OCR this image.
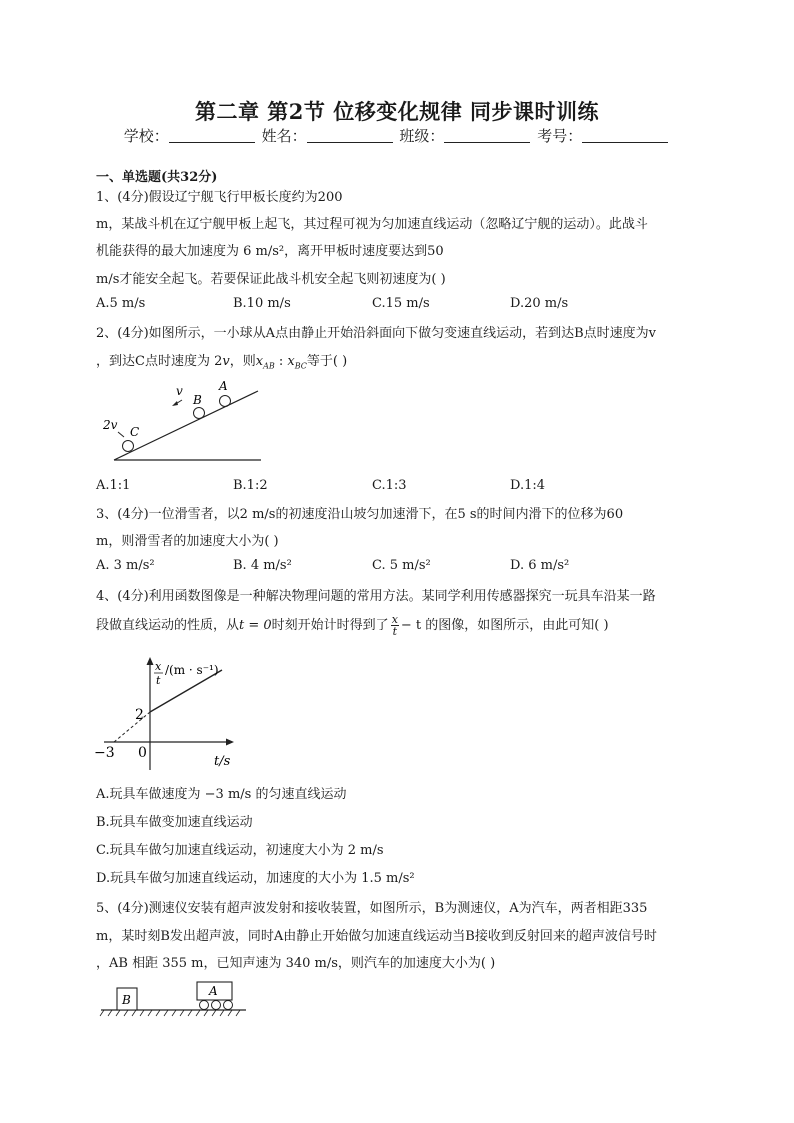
第二章 第2节 位移变化规律 同步课时训练
学校：	姓名：	班级：	考号：
一、单选题(共32分)
1、(4分)假设辽宁舰飞行甲板长度约为200
m，某战斗机在辽宁舰甲板上起飞，其过程可视为匀加速直线运动（忽略辽宁舰的运动）。此战斗
机能获得的最大加速度为 6 m/s²，离开甲板时速度要达到50
m/s才能安全起飞。若要保证此战斗机安全起飞则初速度为( )
A.5 m/s	B.10 m/s	C.15 m/s	D.20 m/s
2、(4分)如图所示，一小球从A点由静止开始沿斜面向下做匀变速直线运动，若到达B点时速度为v
，到达C点时速度为 2v，则$x_{AB}$ : $x_{BC}$等于( )
A
B
C
v
2v
A.1:1	B.1:2	C.1:3	D.1:4
3、(4分)一位滑雪者，以2 m/s的初速度沿山坡匀加速滑下，在5 s的时间内滑下的位移为60
m，则滑雪者的加速度大小为( )
A. 3 m/s²	B. 4 m/s²	C. 5 m/s²	D. 6 m/s²
4、(4分)利用函数图像是一种解决物理问题的常用方法。某同学利用传感器探究一玩具车沿某一路
段做直线运动的性质，从t = 0时刻开始计时得到了 $\frac{x}{t} - t$ 的图像，如图所示，由此可知( )
x
t
/(m · s⁻¹)
2
0
−3
t/s
A.玩具车做速度为 −3 m/s 的匀速直线运动
B.玩具车做变加速直线运动
C.玩具车做匀加速直线运动，初速度大小为 2 m/s
D.玩具车做匀加速直线运动，加速度的大小为 1.5 m/s²
5、(4分)测速仪安装有超声波发射和接收装置，如图所示，B为测速仪，A为汽车，两者相距335
m，某时刻B发出超声波，同时A由静止开始做匀加速直线运动当B接收到反射回来的超声波信号时
，AB 相距 355 m，已知声速为 340 m/s，则汽车的加速度大小为( )
B
A
